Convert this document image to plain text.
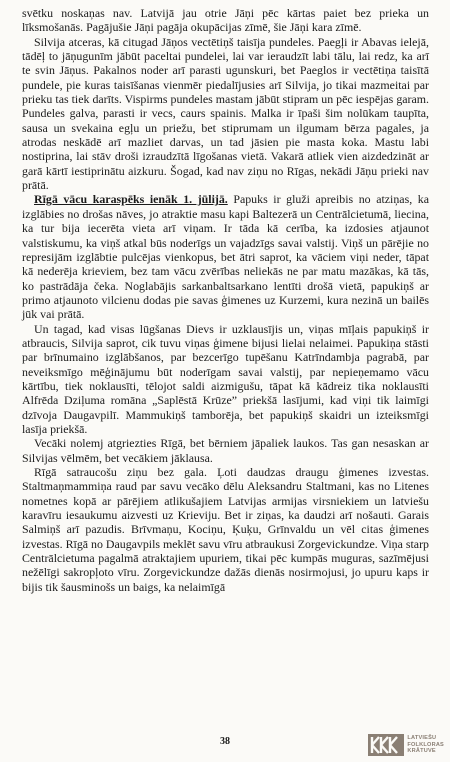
svētku noskaņas nav. Latvijā jau otrie Jāņi pēc kārtas paiet bez prieka un līksmošanās. Pagājušie Jāņi pagāja okupācijas zīmē, šie Jāņi kara zīmē.

Silvija atceras, kā citugad Jāņos vectētiņš taisīja pundeles. Paegļi ir Abavas ielejā, tādēļ to jāņugunīm jābūt paceltai pundelei, lai var ieraudzīt labi tālu, lai redz, ka arī te svin Jāņus. Pakalnos noder arī parasti ugunskuri, bet Paeglos ir vectētiņa taisītā pundele, pie kuras taisīšanas vienmēr piedalījusies arī Silvija, jo tikai mazmeitai par prieku tas tiek darīts. Vispirms pundeles mastam jābūt stipram un pēc iespējas garam. Pundeles galva, parasti ir vecs, caurs spainis. Malka ir īpaši šim nolūkam taupīta, sausa un svekaina egļu un priežu, bet stiprumam un ilgumam bērza pagales, ja atrodas neskādē arī mazliet darvas, un tad jāsien pie masta koka. Mastu labi nostiprina, lai stāv droši izraudzītā līgošanas vietā. Vakarā atliek vien aizdedzināt ar garā kārtī iestiprinātu aizkuru. Šogad, kad nav ziņu no Rīgas, nekādi Jāņu prieki nav prātā.

Rīgā vācu karaspēks ienāk 1. jūlijā. Papuks ir gluži apreibis no atziņas, ka izglābies no drošas nāves, jo atraktie masu kapi Baltezerā un Centrālcietumā, liecina, ka tur bija iecerēta vieta arī viņam. Ir tāda kā cerība, ka izdosies atjaunot valstiskumu, ka viņš atkal būs noderīgs un vajadzīgs savai valstij. Viņš un pārējie no represijām izglābtie pulcējas vienkopus, bet ātri saprot, ka vāciem viņi neder, tāpat kā nederēja krieviem, bez tam vācu zvērības neliekās ne par matu mazākas, kā tās, ko pastrādāja čeka. Noglabājis sarkanbaltsarkano lentīti drošā vietā, papukiņš ar primo atjaunoto vilcienu dodas pie savas ģimenes uz Kurzemi, kura nezinā un bailēs jūk vai prātā.

Un tagad, kad visas lūgšanas Dievs ir uzklausījis un, viņas mīļais papukiņš ir atbraucis, Silvija saprot, cik tuvu viņas ģimene bijusi lielai nelaimei. Papukiņa stāsti par brīnumaino izglābšanos, par bezcerīgo tupēšanu Katrīndambja pagrabā, par neveiksmīgo mēģinājumu būt noderīgam savai valstij, par nepieņemamo vācu kārtību, tiek noklausīti, tēlojot saldi aizmigušu, tāpat kā kādreiz tika noklausīti Alfrēda Dziļuma romāna „Saplēstā Krūze” priekšā lasījumi, kad viņi tik laimīgi dzīvoja Daugavpilī. Mammukiņš tamborēja, bet papukiņš skaidri un izteiksmīgi lasīja priekšā.

Vecāki nolemj atgriezties Rīgā, bet bērniem jāpaliek laukos. Tas gan nesaskan ar Silvijas vēlmēm, bet vecākiem jāklausa.

Rīgā satraucošu ziņu bez gala. Ļoti daudzas draugu ģimenes izvestas. Staltmaņmammiņa raud par savu vecāko dēlu Aleksandru Staltmani, kas no Litenes nometnes kopā ar pārējiem atlikušajiem Latvijas armijas virsniekiem un latviešu karavīru iesaukumu aizvesti uz Krieviju. Bet ir ziņas, ka daudzi arī nošauti. Garais Salmiņš arī pazudis. Brīvmaņu, Kociņu, Ķuķu, Grīnvaldu un vēl citas ģimenes izvestas. Rīgā no Daugavpils meklēt savu vīru atbraukusi Zorgevickundze. Viņa starp Centrālcietuma pagalmā atraktajiem upuriem, tikai pēc kumpās muguras, sazīmējusi nežēlīgi sakropļoto vīru. Zorgevickundze dažās dienās nosirmojusi, jo upuru kaps ir bijis tik šausminošs un baigs, ka nelaimīgā

38	LATVIEŠU
FOLKLORAS
KRĀTUVE
